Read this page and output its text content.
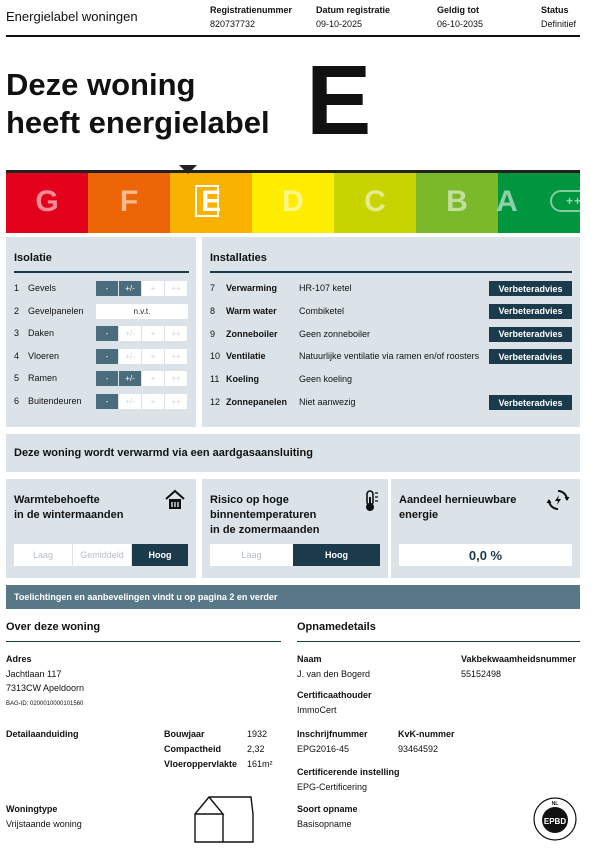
Energielabel woningen	Registratienummer
820737732
Datum registratie
09-10-2025
Geldig tot
06-10-2035
Status
Definitief
Deze woning
heeft energielabel E
G F E D C B A	++++
Isolatie
1 Gevels	-	+/-	+	++
2 Gevelpanelen	n.v.t.
3 Daken	-	+/-	+	++
4 Vloeren	-	+/-	+	++
5 Ramen	-	+/-	+	++
6 Buitendeuren	-	+/-	+	++
Installaties
7 Verwarming HR-107 ketel	Verbeteradvies
8 Warm water Combiketel	Verbeteradvies
9 Zonneboiler Geen zonneboiler	Verbeteradvies
10 Ventilatie	Natuurlijke ventilatie via ramen en/of roosters	Verbeteradvies
11 Koeling	Geen koeling
12 Zonnepanelen Niet aanwezig	Verbeteradvies
Deze woning wordt verwarmd via een aardgasaansluiting
Warmtebehoefte
in de wintermaanden
Laag	Gemiddeld	Hoog
Risico op hoge
binnentemperaturen
in de zomermaanden
Laag	Hoog
Aandeel hernieuwbare
energie
0,0 %
Toelichtingen en aanbevelingen vindt u op pagina 2 en verder
Over deze woning
Adres
Jachtlaan 117
7313CW Apeldoorn
BAG-ID: 0200010000101560
Detailaanduiding	Bouwjaar	1932
Compactheid	2,32
Vloeroppervlakte 161m²
Woningtype
Vrijstaande woning
Opnamedetails
Naam
J. van den Bogerd
Vakbekwaamheidsnummer
55152498
Certificaathouder
ImmoCert
Inschrijfnummer
EPG2016-45
KvK-nummer
93464592
Certificerende instelling
EPG-Certificering
Soort opname
Basisopname	EPBD
NL
